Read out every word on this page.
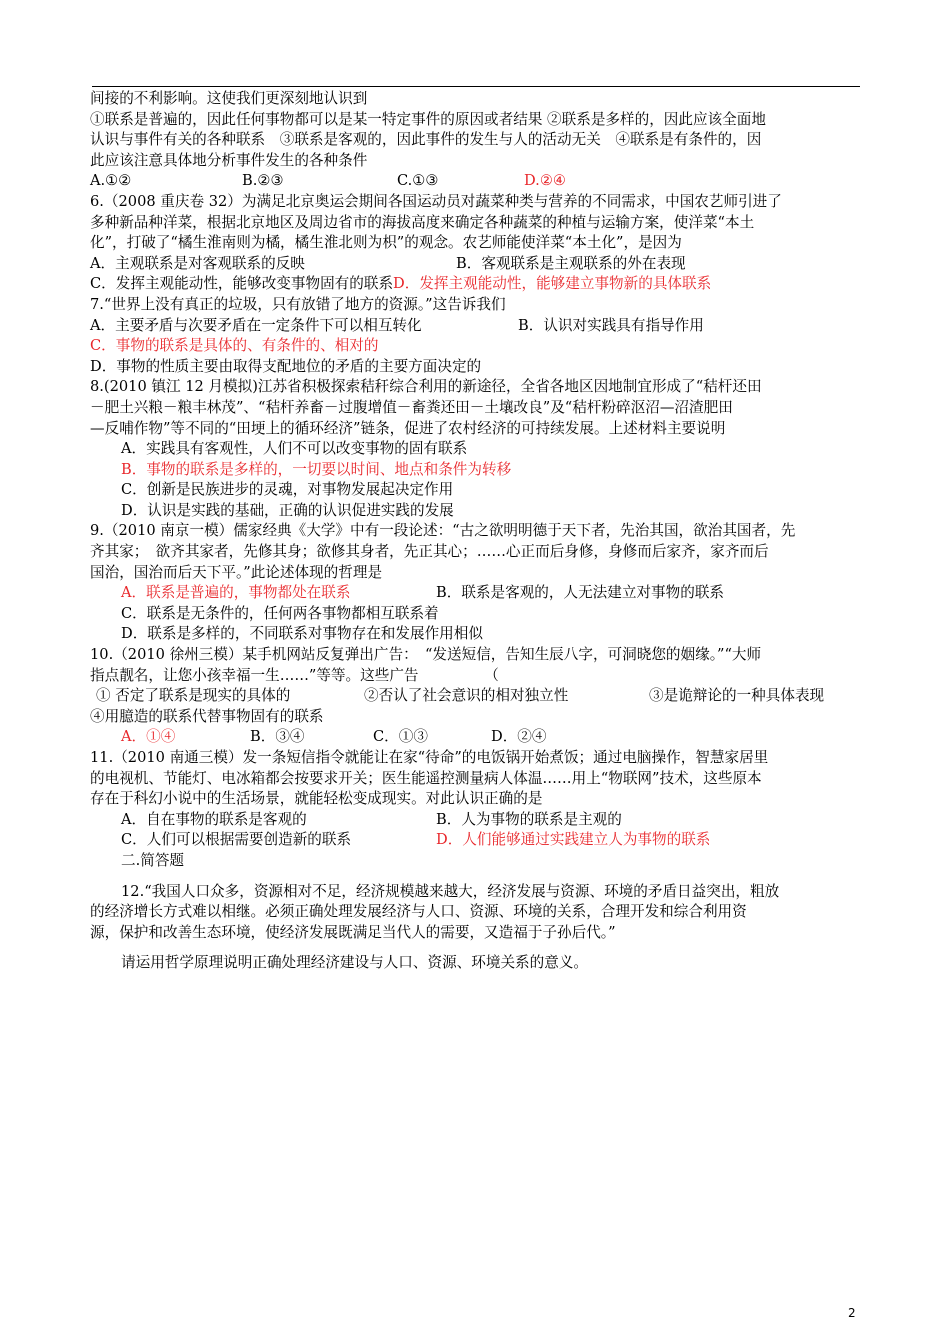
间接的不利影响。这使我们更深刻地认识到
①联系是普遍的，因此任何事物都可以是某一特定事件的原因或者结果 ②联系是多样的，因此应该全面地
认识与事件有关的各种联系　③联系是客观的，因此事件的发生与人的活动无关　④联系是有条件的，因
此应该注意具体地分析事件发生的各种条件
A.①②	B.②③	C.①③	D.②④
6.（2008 重庆卷 32）为满足北京奥运会期间各国运动员对蔬菜种类与营养的不同需求，中国农艺师引进了
多种新品种洋菜，根据北京地区及周边省市的海拔高度来确定各种蔬菜的种植与运输方案，使洋菜“本土
化”，打破了“橘生淮南则为橘，橘生淮北则为枳”的观念。农艺师能使洋菜“本土化”，是因为
A．主观联系是对客观联系的反映	B．客观联系是主观联系的外在表现
C．发挥主观能动性，能够改变事物固有的联系D．发挥主观能动性，能够建立事物新的具体联系
7.“世界上没有真正的垃圾，只有放错了地方的资源。”这告诉我们
A．主要矛盾与次要矛盾在一定条件下可以相互转化	B．认识对实践具有指导作用
C．事物的联系是具体的、有条件的、相对的
D．事物的性质主要由取得支配地位的矛盾的主要方面决定的
8.(2010 镇江 12 月模拟)江苏省积极探索秸秆综合利用的新途径，全省各地区因地制宜形成了“秸杆还田
－肥土兴粮－粮丰林茂”、“秸杆养畜－过腹增值－畜粪还田－土壤改良”及“秸杆粉碎沤沼—沼渣肥田
—反哺作物”等不同的“田埂上的循环经济”链条，促进了农村经济的可持续发展。上述材料主要说明
A．实践具有客观性，人们不可以改变事物的固有联系
B．事物的联系是多样的，一切要以时间、地点和条件为转移
C．创新是民族进步的灵魂，对事物发展起决定作用
D．认识是实践的基础，正确的认识促进实践的发展
9.（2010 南京一模）儒家经典《大学》中有一段论述：“古之欲明明德于天下者，先治其国，欲治其国者，先
齐其家；　欲齐其家者，先修其身；欲修其身者，先正其心；……心正而后身修，身修而后家齐，家齐而后
国治，国治而后天下平。”此论述体现的哲理是
A．联系是普遍的，事物都处在联系	B．联系是客观的，人无法建立对事物的联系
C．联系是无条件的，任何两各事物都相互联系着
D．联系是多样的，不同联系对事物存在和发展作用相似
10.（2010 徐州三模）某手机网站反复弹出广告：　“发送短信，告知生辰八字，可洞晓您的姻缘。”“大师
指点靓名，让您小孩幸福一生……”等等。这些广告　　　　　（
① 否定了联系是现实的具体的	②否认了社会意识的相对独立性	③是诡辩论的一种具体表现
④用臆造的联系代替事物固有的联系
A．①④	B．③④	C．①③	D．②④
11.（2010 南通三模）发一条短信指令就能让在家“待命”的电饭锅开始煮饭；通过电脑操作，智慧家居里
的电视机、节能灯、电冰箱都会按要求开关；医生能遥控测量病人体温……用上“物联网”技术，这些原本
存在于科幻小说中的生活场景，就能轻松变成现实。对此认识正确的是
A．自在事物的联系是客观的	B．人为事物的联系是主观的
C．人们可以根据需要创造新的联系	D．人们能够通过实践建立人为事物的联系
二.简答题
12.“我国人口众多，资源相对不足，经济规模越来越大，经济发展与资源、环境的矛盾日益突出，粗放
的经济增长方式难以相继。必须正确处理发展经济与人口、资源、环境的关系，合理开发和综合利用资
源，保护和改善生态环境，使经济发展既满足当代人的需要，又造福于子孙后代。”
请运用哲学原理说明正确处理经济建设与人口、资源、环境关系的意义。
2
